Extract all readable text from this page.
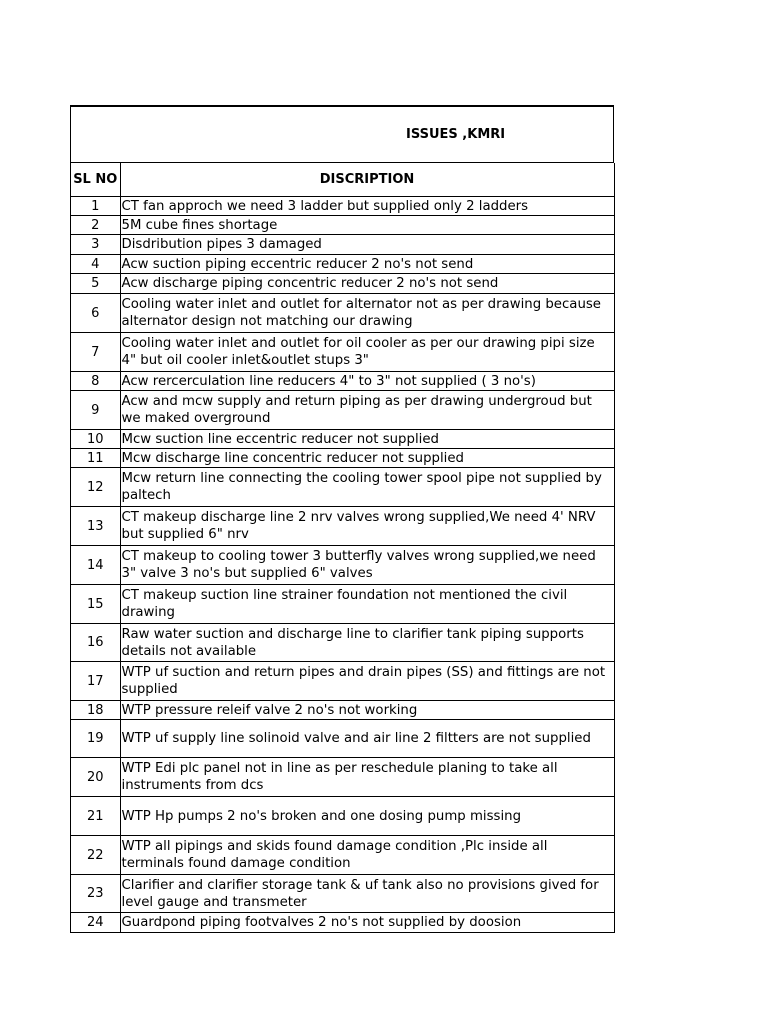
ISSUES ,KMRI
SL NO	DISCRIPTION
1	CT fan approch we need 3 ladder but supplied only 2 ladders
2	5M cube fines shortage
3	Disdribution pipes 3 damaged
4	Acw suction piping eccentric reducer 2 no's not send
5	Acw discharge piping concentric reducer 2 no's not send
6	Cooling water inlet and outlet for alternator not as per drawing because alternator design not matching our drawing
7	Cooling water inlet and outlet for oil cooler as per our drawing pipi size 4" but oil cooler inlet&outlet stups 3"
8	Acw rercerculation line reducers 4" to 3" not supplied ( 3 no's)
9	Acw and mcw supply and return piping as per drawing undergroud but we maked overground
10	Mcw suction line eccentric reducer not supplied
11	Mcw discharge line concentric reducer not supplied
12	Mcw return line connecting the cooling tower spool pipe not supplied by paltech
13	CT makeup discharge line 2 nrv valves wrong supplied,We need 4' NRV but supplied 6" nrv
14	CT makeup to cooling tower 3 butterfly valves wrong supplied,we need 3" valve 3 no's but supplied 6" valves
15	CT makeup suction line strainer foundation not mentioned the civil drawing
16	Raw water suction and discharge line to clarifier tank piping supports details not available
17	WTP uf suction and return pipes and drain pipes (SS) and fittings are not supplied
18	WTP pressure releif valve 2 no's not working
19	WTP uf supply line solinoid valve and air line 2 filtters are not supplied
20	WTP Edi plc panel not in line as per reschedule planing to take all instruments from dcs
21	WTP Hp pumps 2 no's broken and one dosing pump missing
22	WTP all pipings and skids found damage condition ,Plc inside all terminals found damage condition
23	Clarifier and clarifier storage tank & uf tank also no provisions gived for level gauge and transmeter
24	Guardpond piping footvalves 2 no's not supplied by doosion
